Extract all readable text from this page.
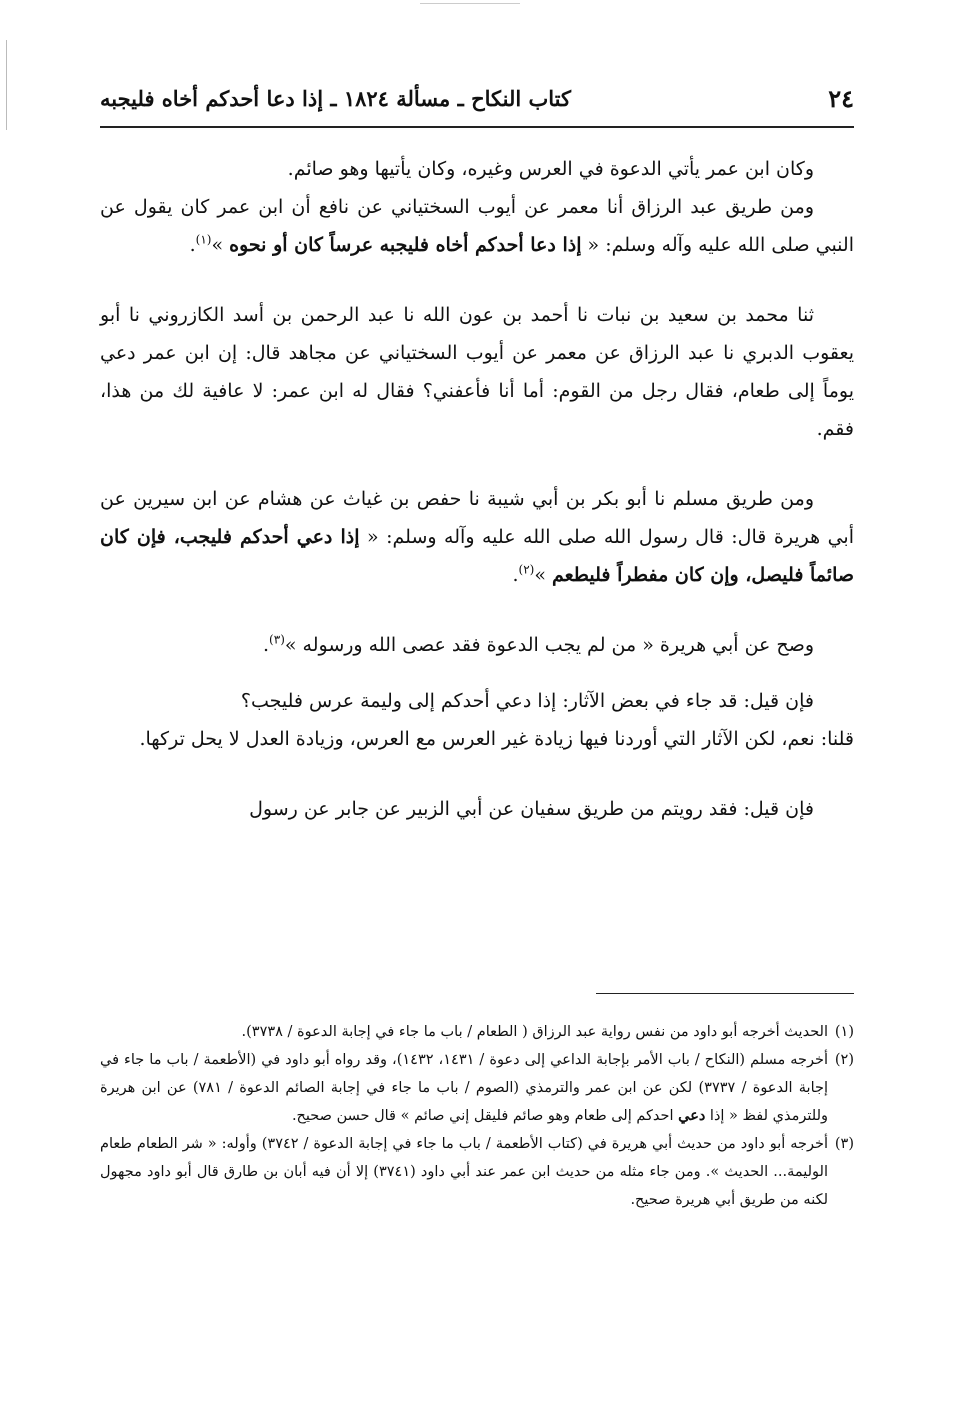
٢٤
كتاب النكاح ـ مسألة ١٨٢٤ ـ إذا دعا أحدكم أخاه فليجبه

وكان ابن عمر يأتي الدعوة في العرس وغيره، وكان يأتيها وهو صائم.

ومن طريق عبد الرزاق أنا معمر عن أيوب السختياني عن نافع أن ابن عمر كان يقول عن النبي صلى الله عليه وآله وسلم: « إذا دعا أحدكم أخاه فليجبه عرساً كان أو نحوه »$^{(١)}$.

ثنا محمد بن سعيد بن نبات نا أحمد بن عون الله نا عبد الرحمن بن أسد الكازروني نا أبو يعقوب الدبري نا عبد الرزاق عن معمر عن أيوب السختياني عن مجاهد قال: إن ابن عمر دعي يوماً إلى طعام، فقال رجل من القوم: أما أنا فأعفني؟ فقال له ابن عمر: لا عافية لك من هذا، فقم.

ومن طريق مسلم نا أبو بكر بن أبي شيبة نا حفص بن غياث عن هشام عن ابن سيرين عن أبي هريرة قال: قال رسول الله صلى الله عليه وآله وسلم: « إذا دعي أحدكم فليجب، فإن كان صائماً فليصل، وإن كان مفطراً فليطعم »$^{(٢)}$.

وصح عن أبي هريرة « من لم يجب الدعوة فقد عصى الله ورسوله »$^{(٣)}$.

فإن قيل: قد جاء في بعض الآثار: إذا دعي أحدكم إلى وليمة عرس فليجب؟

قلنا: نعم، لكن الآثار التي أوردنا فيها زيادة غير العرس مع العرس، وزيادة العدل لا يحل تركها.

فإن قيل: فقد رويتم من طريق سفيان عن أبي الزبير عن جابر عن رسول

(١)الحديث أخرجه أبو داود من نفس رواية عبد الرزاق ( الطعام / باب ما جاء في إجابة الدعوة / ٣٧٣٨).

(٢)أخرجه مسلم (النكاح / باب الأمر بإجابة الداعي إلى دعوة / ١٤٣١، ١٤٣٢)، وقد رواه أبو داود في (الأطعمة / باب ما جاء في إجابة الدعوة / ٣٧٣٧) لكن عن ابن عمر والترمذي (الصوم / باب ما جاء في إجابة الصائم الدعوة / ٧٨١) عن ابن هريرة وللترمذي لفظ « إذا دعي احدكم إلى طعام وهو صائم فليقل إني صائم » قال حسن صحيح.

(٣)أخرجه أبو داود من حديث أبي هريرة في (كتاب الأطعمة / باب ما جاء في إجابة الدعوة / ٣٧٤٢) وأوله: « شر الطعام طعام الوليمة... الحديث ». ومن جاء مثله من حديث ابن عمر عند أبي داود (٣٧٤١) إلا أن فيه أبان بن طارق قال أبو داود مجهول لكنه من طريق أبي هريرة صحيح.
